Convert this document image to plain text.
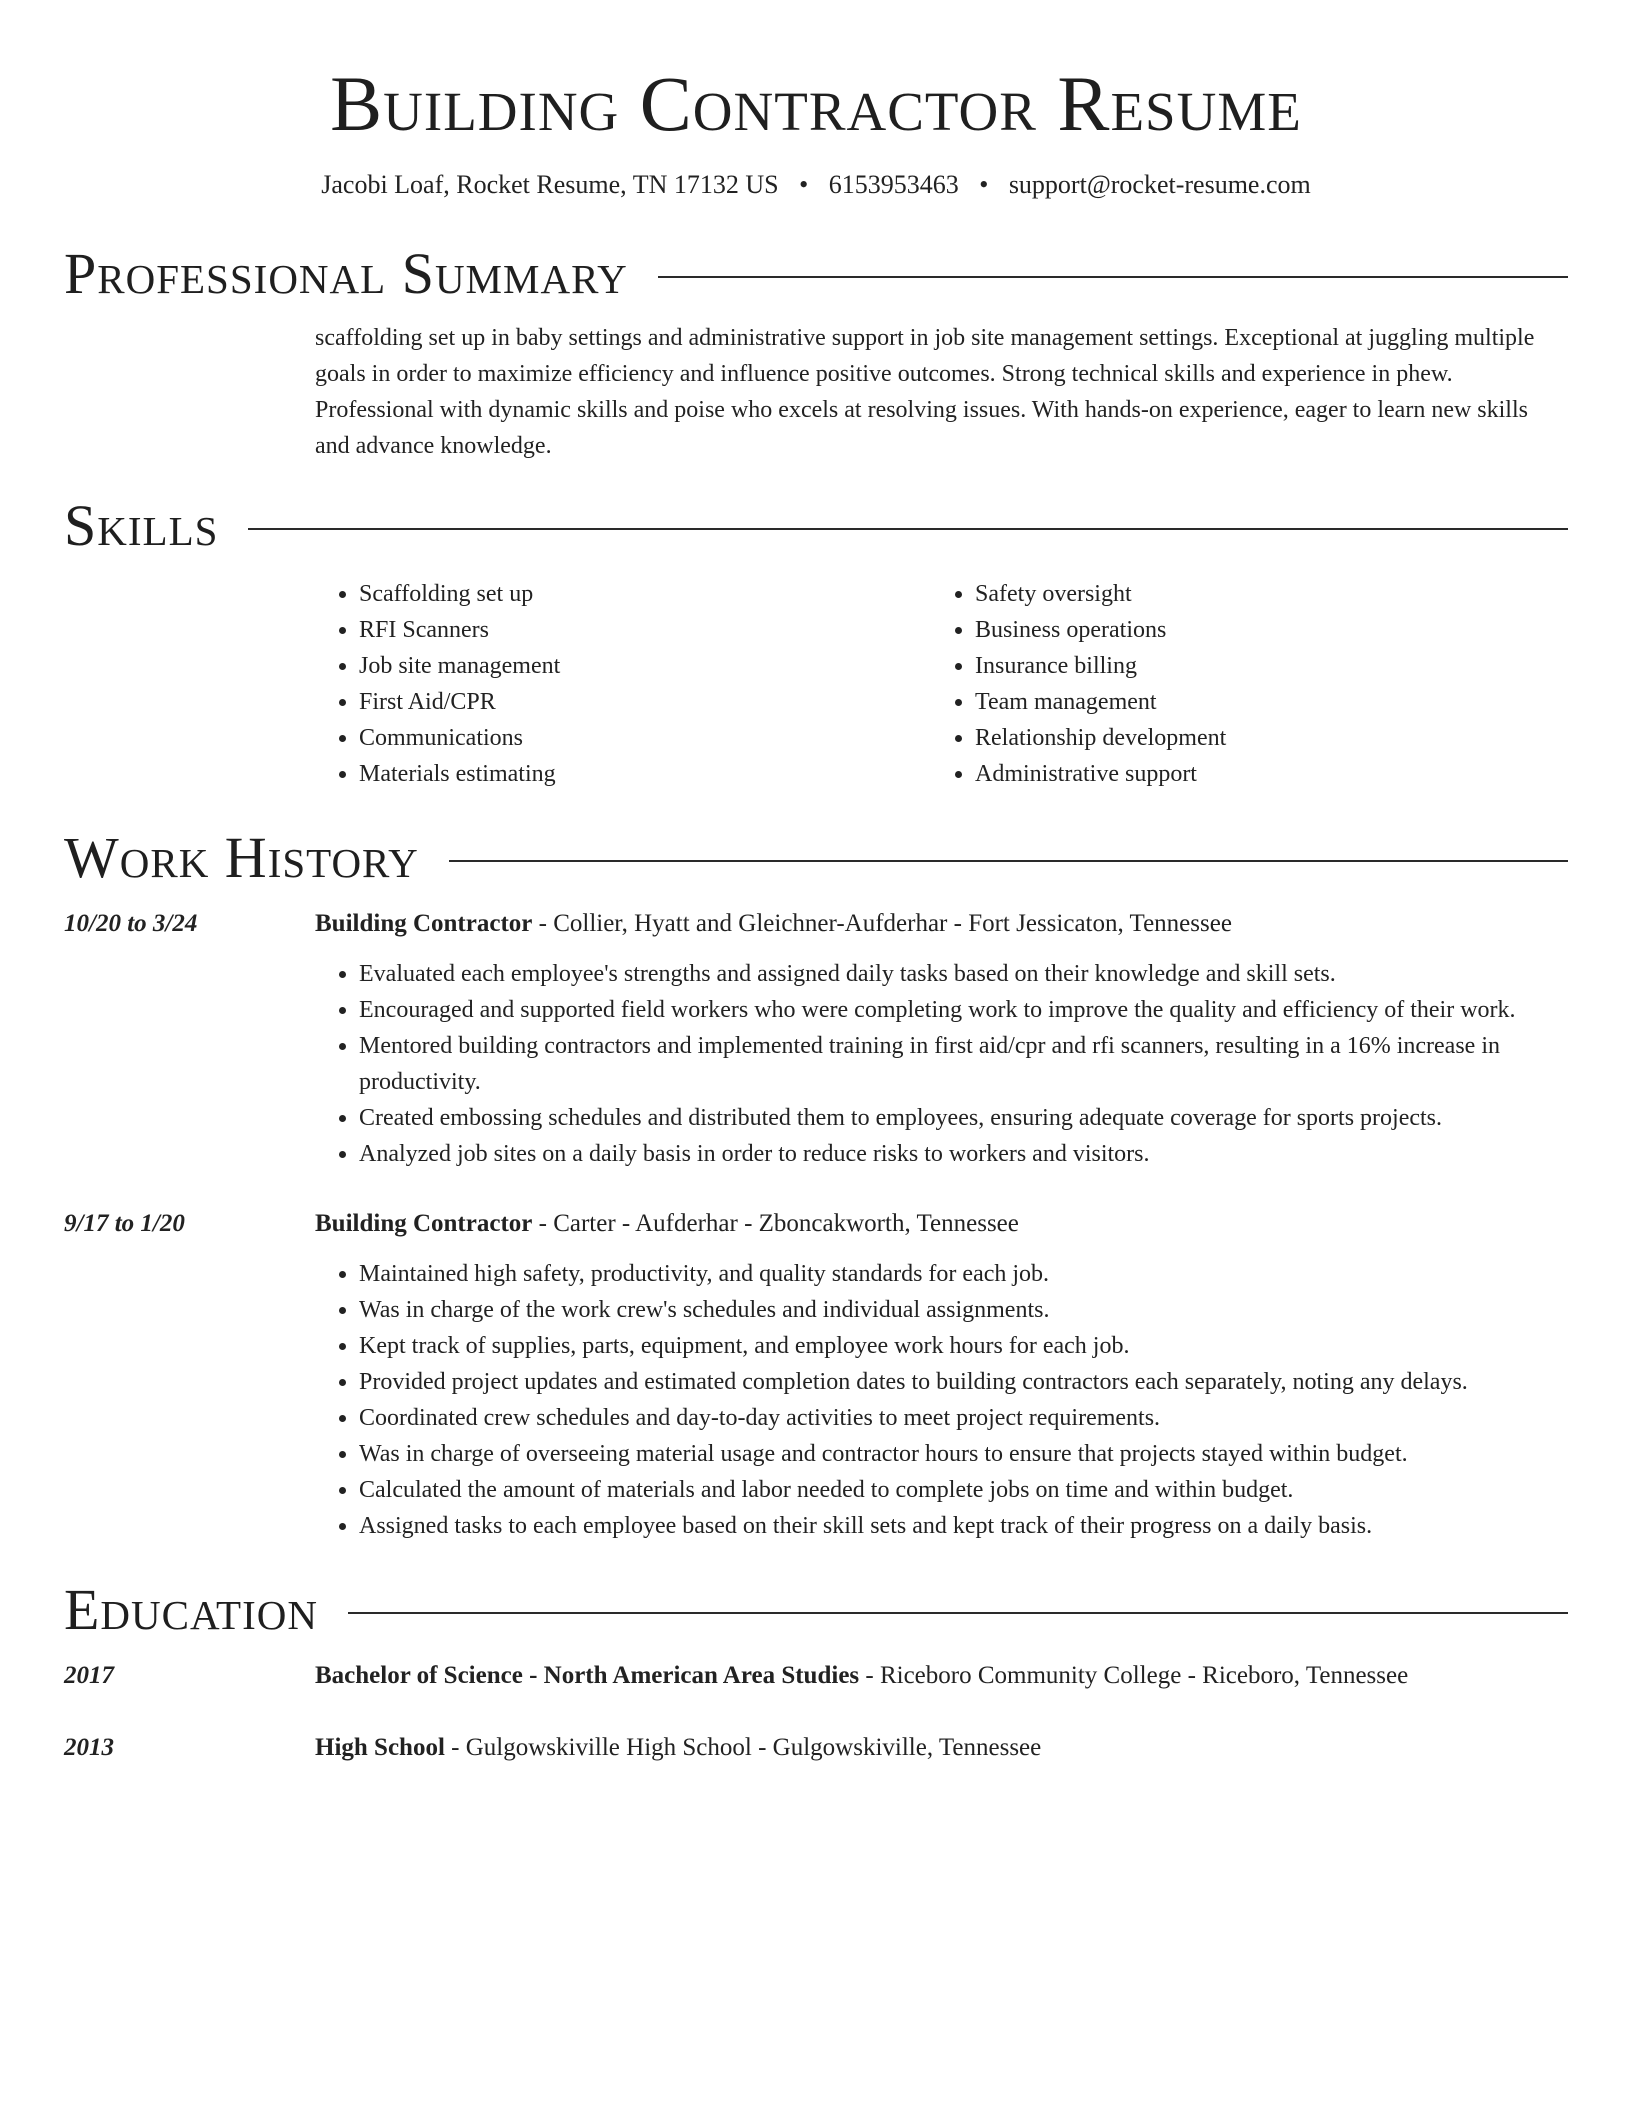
Building Contractor Resume
Jacobi Loaf, Rocket Resume, TN 17132 US • 6153953463 • support@rocket-resume.com
Professional Summary
scaffolding set up in baby settings and administrative support in job site management settings. Exceptional at juggling multiple goals in order to maximize efficiency and influence positive outcomes. Strong technical skills and experience in phew. Professional with dynamic skills and poise who excels at resolving issues. With hands-on experience, eager to learn new skills and advance knowledge.
Skills
• Scaffolding set up
• RFI Scanners
• Job site management
• First Aid/CPR
• Communications
• Materials estimating
• Safety oversight
• Business operations
• Insurance billing
• Team management
• Relationship development
• Administrative support
Work History
10/20 to 3/24	Building Contractor - Collier, Hyatt and Gleichner-Aufderhar - Fort Jessicaton, Tennessee
• Evaluated each employee's strengths and assigned daily tasks based on their knowledge and skill sets.
• Encouraged and supported field workers who were completing work to improve the quality and efficiency of their work.
• Mentored building contractors and implemented training in first aid/cpr and rfi scanners, resulting in a 16% increase in productivity.
• Created embossing schedules and distributed them to employees, ensuring adequate coverage for sports projects.
• Analyzed job sites on a daily basis in order to reduce risks to workers and visitors.
9/17 to 1/20	Building Contractor - Carter - Aufderhar - Zboncakworth, Tennessee
• Maintained high safety, productivity, and quality standards for each job.
• Was in charge of the work crew's schedules and individual assignments.
• Kept track of supplies, parts, equipment, and employee work hours for each job.
• Provided project updates and estimated completion dates to building contractors each separately, noting any delays.
• Coordinated crew schedules and day-to-day activities to meet project requirements.
• Was in charge of overseeing material usage and contractor hours to ensure that projects stayed within budget.
• Calculated the amount of materials and labor needed to complete jobs on time and within budget.
• Assigned tasks to each employee based on their skill sets and kept track of their progress on a daily basis.
Education
2017	Bachelor of Science - North American Area Studies - Riceboro Community College - Riceboro, Tennessee
2013	High School - Gulgowskiville High School - Gulgowskiville, Tennessee
